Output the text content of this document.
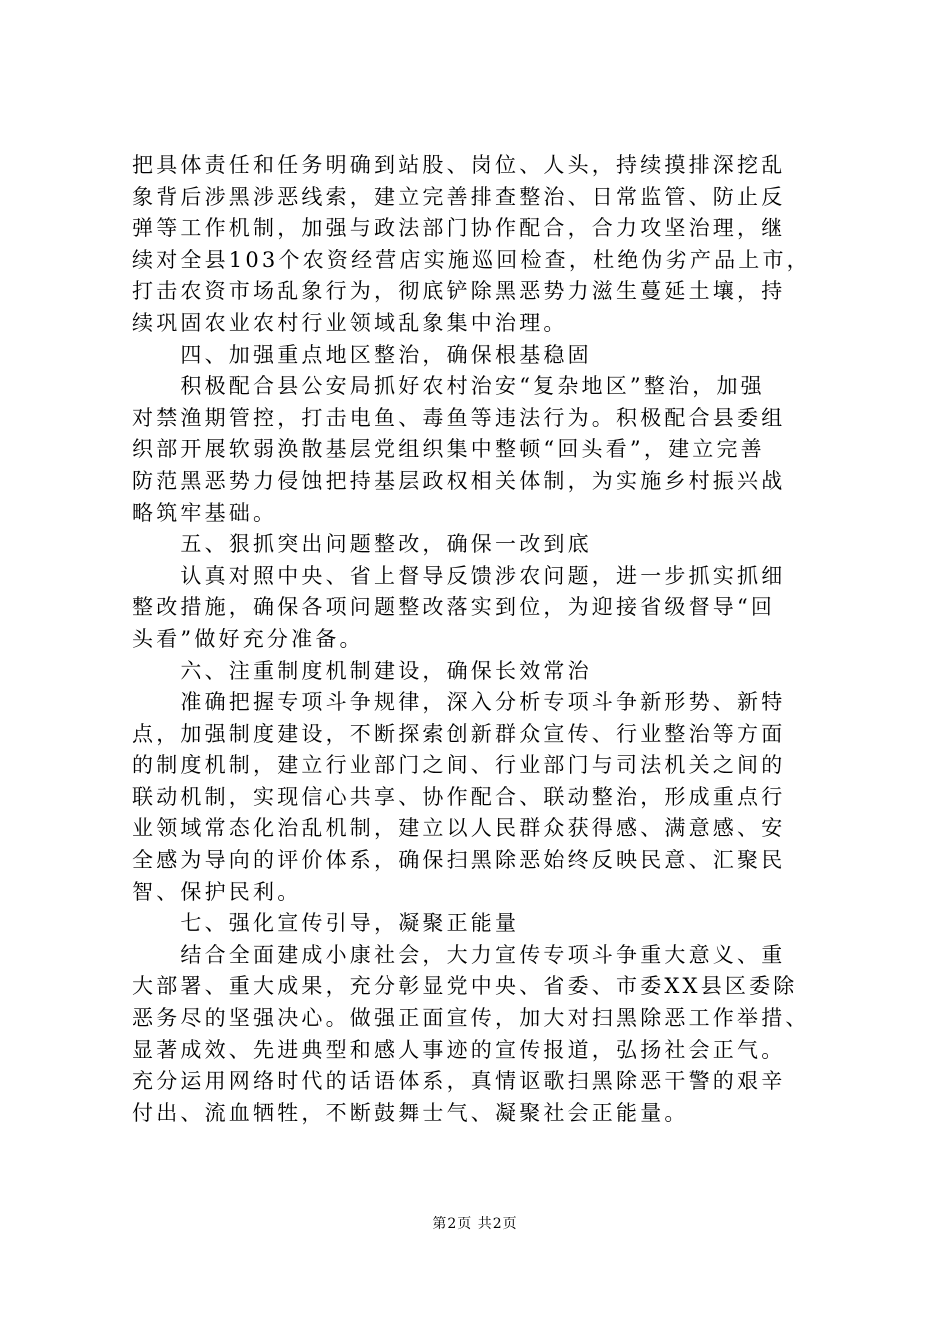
把具体责任和任务明确到站股、岗位、人头，持续摸排深挖乱
象背后涉黑涉恶线索，建立完善排查整治、日常监管、防止反
弹等工作机制，加强与政法部门协作配合，合力攻坚治理，继
续对全县103个农资经营店实施巡回检查，杜绝伪劣产品上市，
打击农资市场乱象行为，彻底铲除黑恶势力滋生蔓延土壤，持
续巩固农业农村行业领域乱象集中治理。
　　四、加强重点地区整治，确保根基稳固
　　积极配合县公安局抓好农村治安“复杂地区”整治，加强
对禁渔期管控，打击电鱼、毒鱼等违法行为。积极配合县委组
织部开展软弱涣散基层党组织集中整顿“回头看”，建立完善
防范黑恶势力侵蚀把持基层政权相关体制，为实施乡村振兴战
略筑牢基础。
　　五、狠抓突出问题整改，确保一改到底
　　认真对照中央、省上督导反馈涉农问题，进一步抓实抓细
整改措施，确保各项问题整改落实到位，为迎接省级督导“回
头看”做好充分准备。
　　六、注重制度机制建设，确保长效常治
　　准确把握专项斗争规律，深入分析专项斗争新形势、新特
点，加强制度建设，不断探索创新群众宣传、行业整治等方面
的制度机制，建立行业部门之间、行业部门与司法机关之间的
联动机制，实现信心共享、协作配合、联动整治，形成重点行
业领域常态化治乱机制，建立以人民群众获得感、满意感、安
全感为导向的评价体系，确保扫黑除恶始终反映民意、汇聚民
智、保护民利。
　　七、强化宣传引导，凝聚正能量
　　结合全面建成小康社会，大力宣传专项斗争重大意义、重
大部署、重大成果，充分彰显党中央、省委、市委XX县区委除
恶务尽的坚强决心。做强正面宣传，加大对扫黑除恶工作举措、
显著成效、先进典型和感人事迹的宣传报道，弘扬社会正气。
充分运用网络时代的话语体系，真情讴歌扫黑除恶干警的艰辛
付出、流血牺牲，不断鼓舞士气、凝聚社会正能量。
第2页 共2页
